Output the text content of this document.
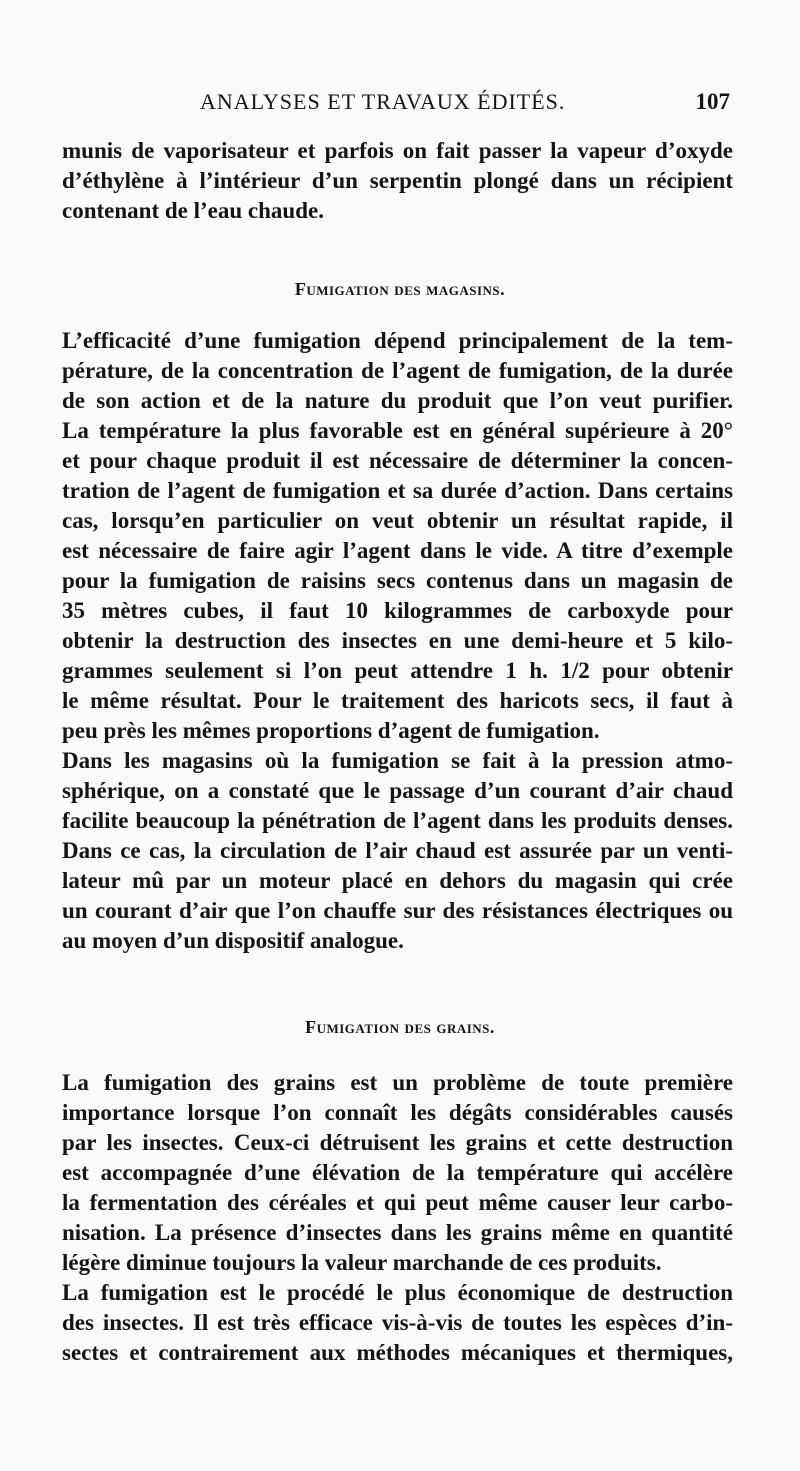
ANALYSES ET TRAVAUX ÉDITÉS.	107
munis de vaporisateur et parfois on fait passer la vapeur d’oxyde
d’éthylène à l’intérieur d’un serpentin plongé dans un récipient
contenant de l’eau chaude.
Fumigation des magasins.
L’efficacité d’une fumigation dépend principalement de la tem-
pérature, de la concentration de l’agent de fumigation, de la durée
de son action et de la nature du produit que l’on veut purifier.
La température la plus favorable est en général supérieure à 20°
et pour chaque produit il est nécessaire de déterminer la concen-
tration de l’agent de fumigation et sa durée d’action. Dans certains
cas, lorsqu’en particulier on veut obtenir un résultat rapide, il
est nécessaire de faire agir l’agent dans le vide. A titre d’exemple
pour la fumigation de raisins secs contenus dans un magasin de
35 mètres cubes, il faut 10 kilogrammes de carboxyde pour
obtenir la destruction des insectes en une demi-heure et 5 kilo-
grammes seulement si l’on peut attendre 1 h. 1/2 pour obtenir
le même résultat. Pour le traitement des haricots secs, il faut à
peu près les mêmes proportions d’agent de fumigation.
Dans les magasins où la fumigation se fait à la pression atmo-
sphérique, on a constaté que le passage d’un courant d’air chaud
facilite beaucoup la pénétration de l’agent dans les produits denses.
Dans ce cas, la circulation de l’air chaud est assurée par un venti-
lateur mû par un moteur placé en dehors du magasin qui crée
un courant d’air que l’on chauffe sur des résistances électriques ou
au moyen d’un dispositif analogue.
Fumigation des grains.
La fumigation des grains est un problème de toute première
importance lorsque l’on connaît les dégâts considérables causés
par les insectes. Ceux-ci détruisent les grains et cette destruction
est accompagnée d’une élévation de la température qui accélère
la fermentation des céréales et qui peut même causer leur carbo-
nisation. La présence d’insectes dans les grains même en quantité
légère diminue toujours la valeur marchande de ces produits.
La fumigation est le procédé le plus économique de destruction
des insectes. Il est très efficace vis-à-vis de toutes les espèces d’in-
sectes et contrairement aux méthodes mécaniques et thermiques,
